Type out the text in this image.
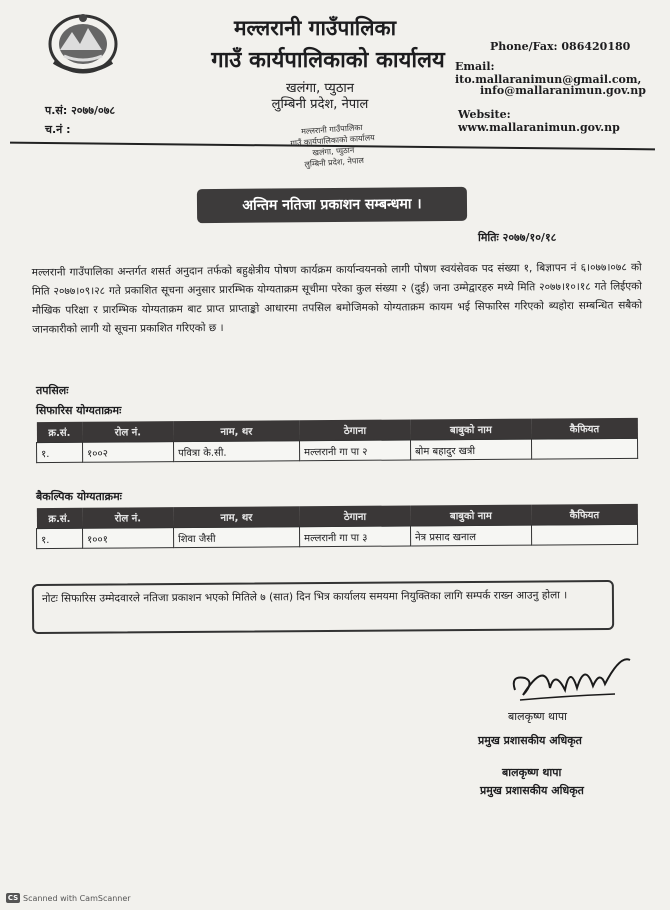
मल्लरानी गाउँपालिका
गाउँ कार्यपालिकाको कार्यालय
खलंगा, प्युठान
लुम्बिनी प्रदेश, नेपाल
Phone/Fax: 086420180
Email: ito.mallaranimun@gmail.com,
info@mallaranimun.gov.np
Website: www.mallaranimun.gov.np
प.सं: २०७७/०७८
च.नं :	मल्लरानी गाउँपालिका
गाउँ कार्यपालिकाको कार्यालय
खलंगा, प्युठान
लुम्बिनी प्रदेश, नेपाल
अन्तिम नतिजा प्रकाशन सम्बन्धमा ।
मितिः २०७७/१०/१८
मल्लरानी गाउँपालिका अन्तर्गत शसर्त अनुदान तर्फको बहुक्षेत्रीय पोषण कार्यक्रम कार्यान्वयनको लागी पोषण स्वयंसेवक पद संख्या १, बिज्ञापन नं ६।०७७।०७८ को मिति २०७७।०९।२८ गते प्रकाशित सूचना अनुसार प्रारम्भिक योग्यताक्रम सूचीमा परेका कुल संख्या २ (दुई) जना उम्मेद्वारहरु मध्ये मिति २०७७।१०।१८ गते लिईएको मौखिक परिक्षा र प्रारम्भिक योग्यताक्रम बाट प्राप्त प्राप्ताङ्को आधारमा तपसिल बमोजिमको योग्यताक्रम कायम भई सिफारिस गरिएको ब्यहोरा सम्बन्धित सबैको जानकारीको लागी यो सूचना प्रकाशित गरिएको छ ।
तपसिलः
सिफारिस योग्यताक्रमः
क्र.सं.	रोल नं.	नाम, थर	ठेगाना	बाबुको नाम	कैफियत
१.	१००२	पवित्रा के.सी.	मल्लरानी गा पा २	बोम बहादुर खत्री	
बैकल्पिक योग्यताक्रमः
क्र.सं.	रोल नं.	नाम, थर	ठेगाना	बाबुको नाम	कैफियत
१.	१००१	शिवा जैसी	मल्लरानी गा पा ३	नेत्र प्रसाद खनाल	
नोटः सिफारिस उम्मेदवारले नतिजा प्रकाशन भएको मितिले ७ (सात) दिन भित्र कार्यालय समयमा नियुक्तिका लागि सम्पर्क राख्न आउनु होला ।
बालकृष्ण थापा
प्रमुख प्रशासकीय अधिकृत
बालकृष्ण थापा
प्रमुख प्रशासकीय अधिकृत
CS Scanned with CamScanner
